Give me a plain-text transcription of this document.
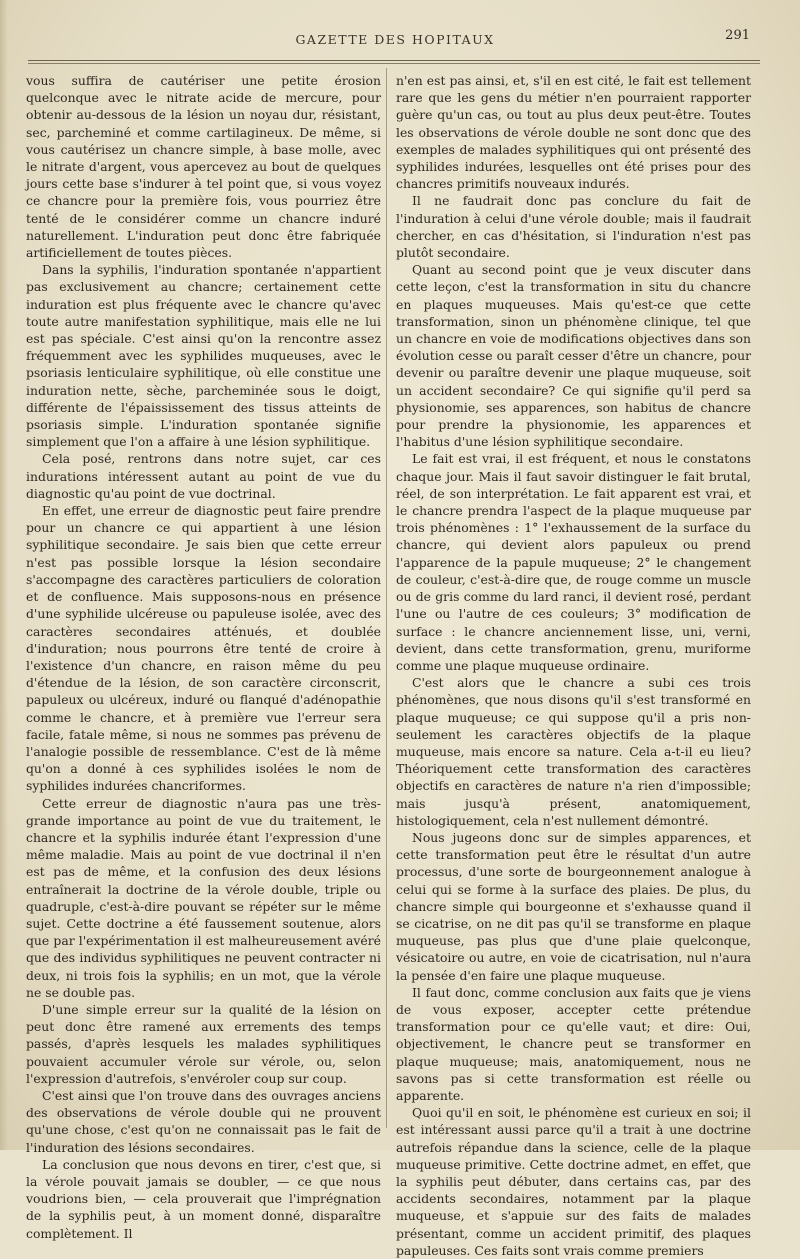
GAZETTE DES HOPITAUX	291

vous suffira de cautériser une petite érosion quelconque avec le nitrate acide de mercure, pour obtenir au-dessous de la lésion un noyau dur, résistant, sec, parcheminé et comme cartilagineux. De même, si vous cautérisez un chancre simple, à base molle, avec le nitrate d'argent, vous apercevez au bout de quelques jours cette base s'indurer à tel point que, si vous voyez ce chancre pour la première fois, vous pourriez être tenté de le considérer comme un chancre induré naturellement. L'induration peut donc être fabriquée artificiellement de toutes pièces.

Dans la syphilis, l'induration spontanée n'appartient pas exclusivement au chancre; certainement cette induration est plus fréquente avec le chancre qu'avec toute autre manifestation syphilitique, mais elle ne lui est pas spéciale. C'est ainsi qu'on la rencontre assez fréquemment avec les syphilides muqueuses, avec le psoriasis lenticulaire syphilitique, où elle constitue une induration nette, sèche, parcheminée sous le doigt, différente de l'épaississement des tissus atteints de psoriasis simple. L'induration spontanée signifie simplement que l'on a affaire à une lésion syphilitique.

Cela posé, rentrons dans notre sujet, car ces indurations intéressent autant au point de vue du diagnostic qu'au point de vue doctrinal.

En effet, une erreur de diagnostic peut faire prendre pour un chancre ce qui appartient à une lésion syphilitique secondaire. Je sais bien que cette erreur n'est pas possible lorsque la lésion secondaire s'accompagne des caractères particuliers de coloration et de confluence. Mais supposons-nous en présence d'une syphilide ulcéreuse ou papuleuse isolée, avec des caractères secondaires atténués, et doublée d'induration; nous pourrons être tenté de croire à l'existence d'un chancre, en raison même du peu d'étendue de la lésion, de son caractère circonscrit, papuleux ou ulcéreux, induré ou flanqué d'adénopathie comme le chancre, et à première vue l'erreur sera facile, fatale même, si nous ne sommes pas prévenu de l'analogie possible de ressemblance. C'est de là même qu'on a donné à ces syphilides isolées le nom de syphilides indurées chancriformes.

Cette erreur de diagnostic n'aura pas une très-grande importance au point de vue du traitement, le chancre et la syphilis indurée étant l'expression d'une même maladie. Mais au point de vue doctrinal il n'en est pas de même, et la confusion des deux lésions entraînerait la doctrine de la vérole double, triple ou quadruple, c'est-à-dire pouvant se répéter sur le même sujet. Cette doctrine a été faussement soutenue, alors que par l'expérimentation il est malheureusement avéré que des individus syphilitiques ne peuvent contracter ni deux, ni trois fois la syphilis; en un mot, que la vérole ne se double pas.

D'une simple erreur sur la qualité de la lésion on peut donc être ramené aux errements des temps passés, d'après lesquels les malades syphilitiques pouvaient accumuler vérole sur vérole, ou, selon l'expression d'autrefois, s'envéroler coup sur coup.

C'est ainsi que l'on trouve dans des ouvrages anciens des observations de vérole double qui ne prouvent qu'une chose, c'est qu'on ne connaissait pas le fait de l'induration des lésions secondaires.

La conclusion que nous devons en tirer, c'est que, si la vérole pouvait jamais se doubler, — ce que nous voudrions bien, — cela prouverait que l'imprégnation de la syphilis peut, à un moment donné, disparaître complètement. Il

n'en est pas ainsi, et, s'il en est cité, le fait est tellement rare que les gens du métier n'en pourraient rapporter guère qu'un cas, ou tout au plus deux peut-être. Toutes les observations de vérole double ne sont donc que des exemples de malades syphilitiques qui ont présenté des syphilides indurées, lesquelles ont été prises pour des chancres primitifs nouveaux indurés.

Il ne faudrait donc pas conclure du fait de l'induration à celui d'une vérole double; mais il faudrait chercher, en cas d'hésitation, si l'induration n'est pas plutôt secondaire.

Quant au second point que je veux discuter dans cette leçon, c'est la transformation in situ du chancre en plaques muqueuses. Mais qu'est-ce que cette transformation, sinon un phénomène clinique, tel que un chancre en voie de modifications objectives dans son évolution cesse ou paraît cesser d'être un chancre, pour devenir ou paraître devenir une plaque muqueuse, soit un accident secondaire? Ce qui signifie qu'il perd sa physionomie, ses apparences, son habitus de chancre pour prendre la physionomie, les apparences et l'habitus d'une lésion syphilitique secondaire.

Le fait est vrai, il est fréquent, et nous le constatons chaque jour. Mais il faut savoir distinguer le fait brutal, réel, de son interprétation. Le fait apparent est vrai, et le chancre prendra l'aspect de la plaque muqueuse par trois phénomènes : 1° l'exhaussement de la surface du chancre, qui devient alors papuleux ou prend l'apparence de la papule muqueuse; 2° le changement de couleur, c'est-à-dire que, de rouge comme un muscle ou de gris comme du lard ranci, il devient rosé, perdant l'une ou l'autre de ces couleurs; 3° modification de surface : le chancre anciennement lisse, uni, verni, devient, dans cette transformation, grenu, muriforme comme une plaque muqueuse ordinaire.

C'est alors que le chancre a subi ces trois phénomènes, que nous disons qu'il s'est transformé en plaque muqueuse; ce qui suppose qu'il a pris non-seulement les caractères objectifs de la plaque muqueuse, mais encore sa nature. Cela a-t-il eu lieu? Théoriquement cette transformation des caractères objectifs en caractères de nature n'a rien d'impossible; mais jusqu'à présent, anatomiquement, histologiquement, cela n'est nullement démontré.

Nous jugeons donc sur de simples apparences, et cette transformation peut être le résultat d'un autre processus, d'une sorte de bourgeonnement analogue à celui qui se forme à la surface des plaies. De plus, du chancre simple qui bourgeonne et s'exhausse quand il se cicatrise, on ne dit pas qu'il se transforme en plaque muqueuse, pas plus que d'une plaie quelconque, vésicatoire ou autre, en voie de cicatrisation, nul n'aura la pensée d'en faire une plaque muqueuse.

Il faut donc, comme conclusion aux faits que je viens de vous exposer, accepter cette prétendue transformation pour ce qu'elle vaut; et dire: Oui, objectivement, le chancre peut se transformer en plaque muqueuse; mais, anatomiquement, nous ne savons pas si cette transformation est réelle ou apparente.

Quoi qu'il en soit, le phénomène est curieux en soi; il est intéressant aussi parce qu'il a trait à une doctrine autrefois répandue dans la science, celle de la plaque muqueuse primitive. Cette doctrine admet, en effet, que la syphilis peut débuter, dans certains cas, par des accidents secondaires, notamment par la plaque muqueuse, et s'appuie sur des faits de malades présentant, comme un accident primitif, des plaques papuleuses. Ces faits sont vrais comme premiers
